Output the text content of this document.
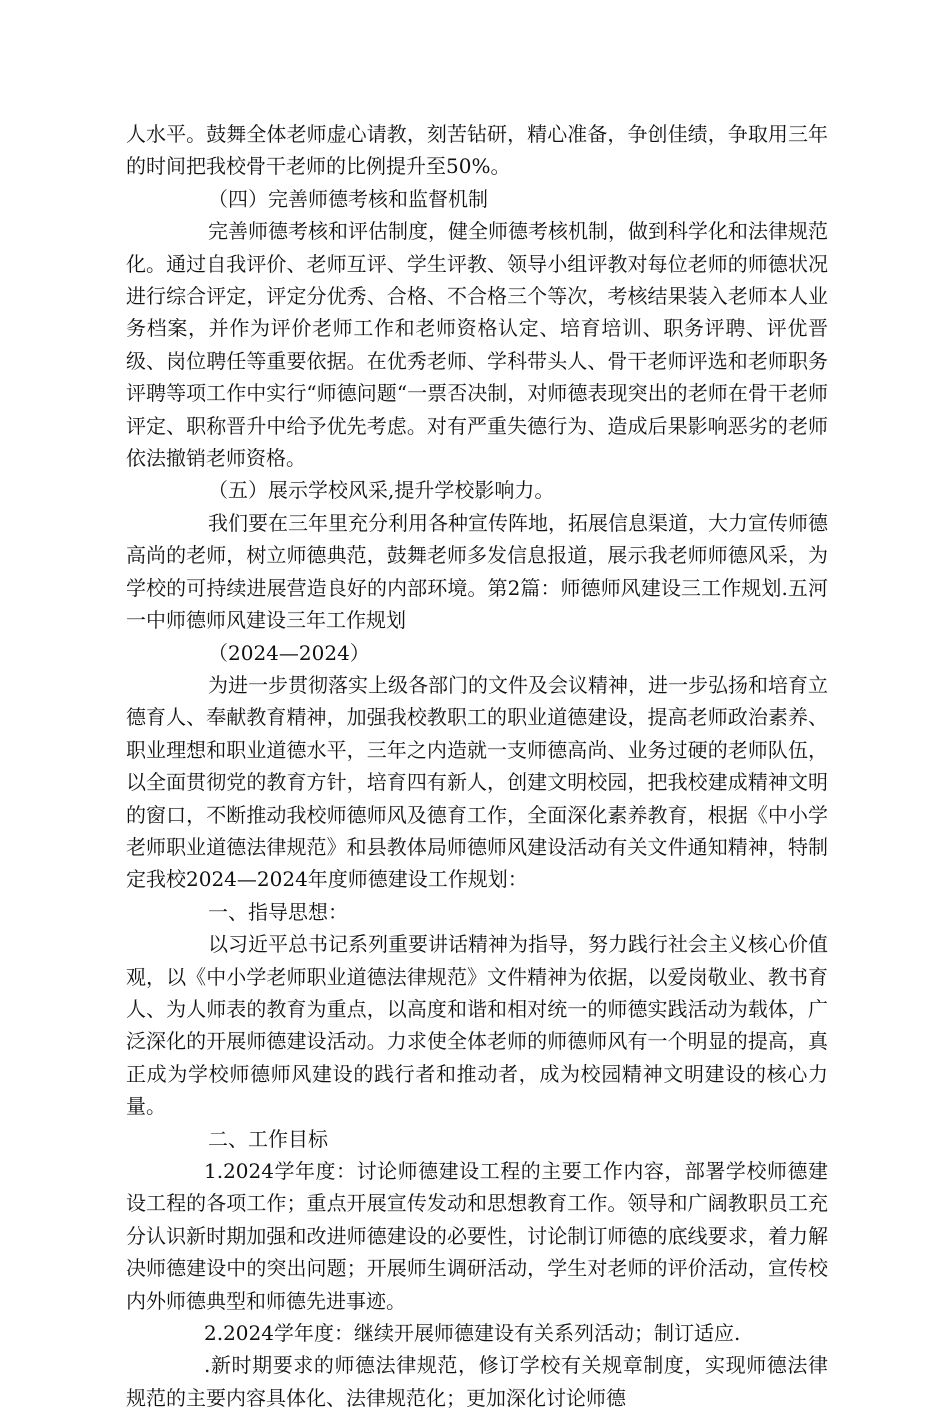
人水平。鼓舞全体老师虚心请教，刻苦钻研，精心准备，争创佳绩，争取用三年的时间把我校骨干老师的比例提升至50%。

（四）完善师德考核和监督机制

完善师德考核和评估制度，健全师德考核机制，做到科学化和法律规范化。通过自我评价、老师互评、学生评教、领导小组评教对每位老师的师德状况进行综合评定，评定分优秀、合格、不合格三个等次，考核结果装入老师本人业务档案，并作为评价老师工作和老师资格认定、培育培训、职务评聘、评优晋级、岗位聘任等重要依据。在优秀老师、学科带头人、骨干老师评选和老师职务评聘等项工作中实行“师德问题“一票否决制，对师德表现突出的老师在骨干老师评定、职称晋升中给予优先考虑。对有严重失德行为、造成后果影响恶劣的老师依法撤销老师资格。

（五）展示学校风采,提升学校影响力。

我们要在三年里充分利用各种宣传阵地，拓展信息渠道，大力宣传师德高尚的老师，树立师德典范，鼓舞老师多发信息报道，展示我老师师德风采，为学校的可持续进展营造良好的内部环境。第2篇：师德师风建设三工作规划.五河一中师德师风建设三年工作规划

（2024—2024）

为进一步贯彻落实上级各部门的文件及会议精神，进一步弘扬和培育立德育人、奉献教育精神，加强我校教职工的职业道德建设，提高老师政治素养、职业理想和职业道德水平，三年之内造就一支师德高尚、业务过硬的老师队伍，以全面贯彻党的教育方针，培育四有新人，创建文明校园，把我校建成精神文明的窗口，不断推动我校师德师风及德育工作，全面深化素养教育，根据《中小学老师职业道德法律规范》和县教体局师德师风建设活动有关文件通知精神，特制定我校2024—2024年度师德建设工作规划：

一、指导思想：

以习近平总书记系列重要讲话精神为指导，努力践行社会主义核心价值观，以《中小学老师职业道德法律规范》文件精神为依据，以爱岗敬业、教书育人、为人师表的教育为重点，以高度和谐和相对统一的师德实践活动为载体，广泛深化的开展师德建设活动。力求使全体老师的师德师风有一个明显的提高，真正成为学校师德师风建设的践行者和推动者，成为校园精神文明建设的核心力量。

二、工作目标

1.2024学年度：讨论师德建设工程的主要工作内容，部署学校师德建设工程的各项工作；重点开展宣传发动和思想教育工作。领导和广阔教职员工充分认识新时期加强和改进师德建设的必要性，讨论制订师德的底线要求，着力解决师德建设中的突出问题；开展师生调研活动，学生对老师的评价活动，宣传校内外师德典型和师德先进事迹。

2.2024学年度：继续开展师德建设有关系列活动；制订适应.

.新时期要求的师德法律规范，修订学校有关规章制度，实现师德法律规范的主要内容具体化、法律规范化；更加深化讨论师德
